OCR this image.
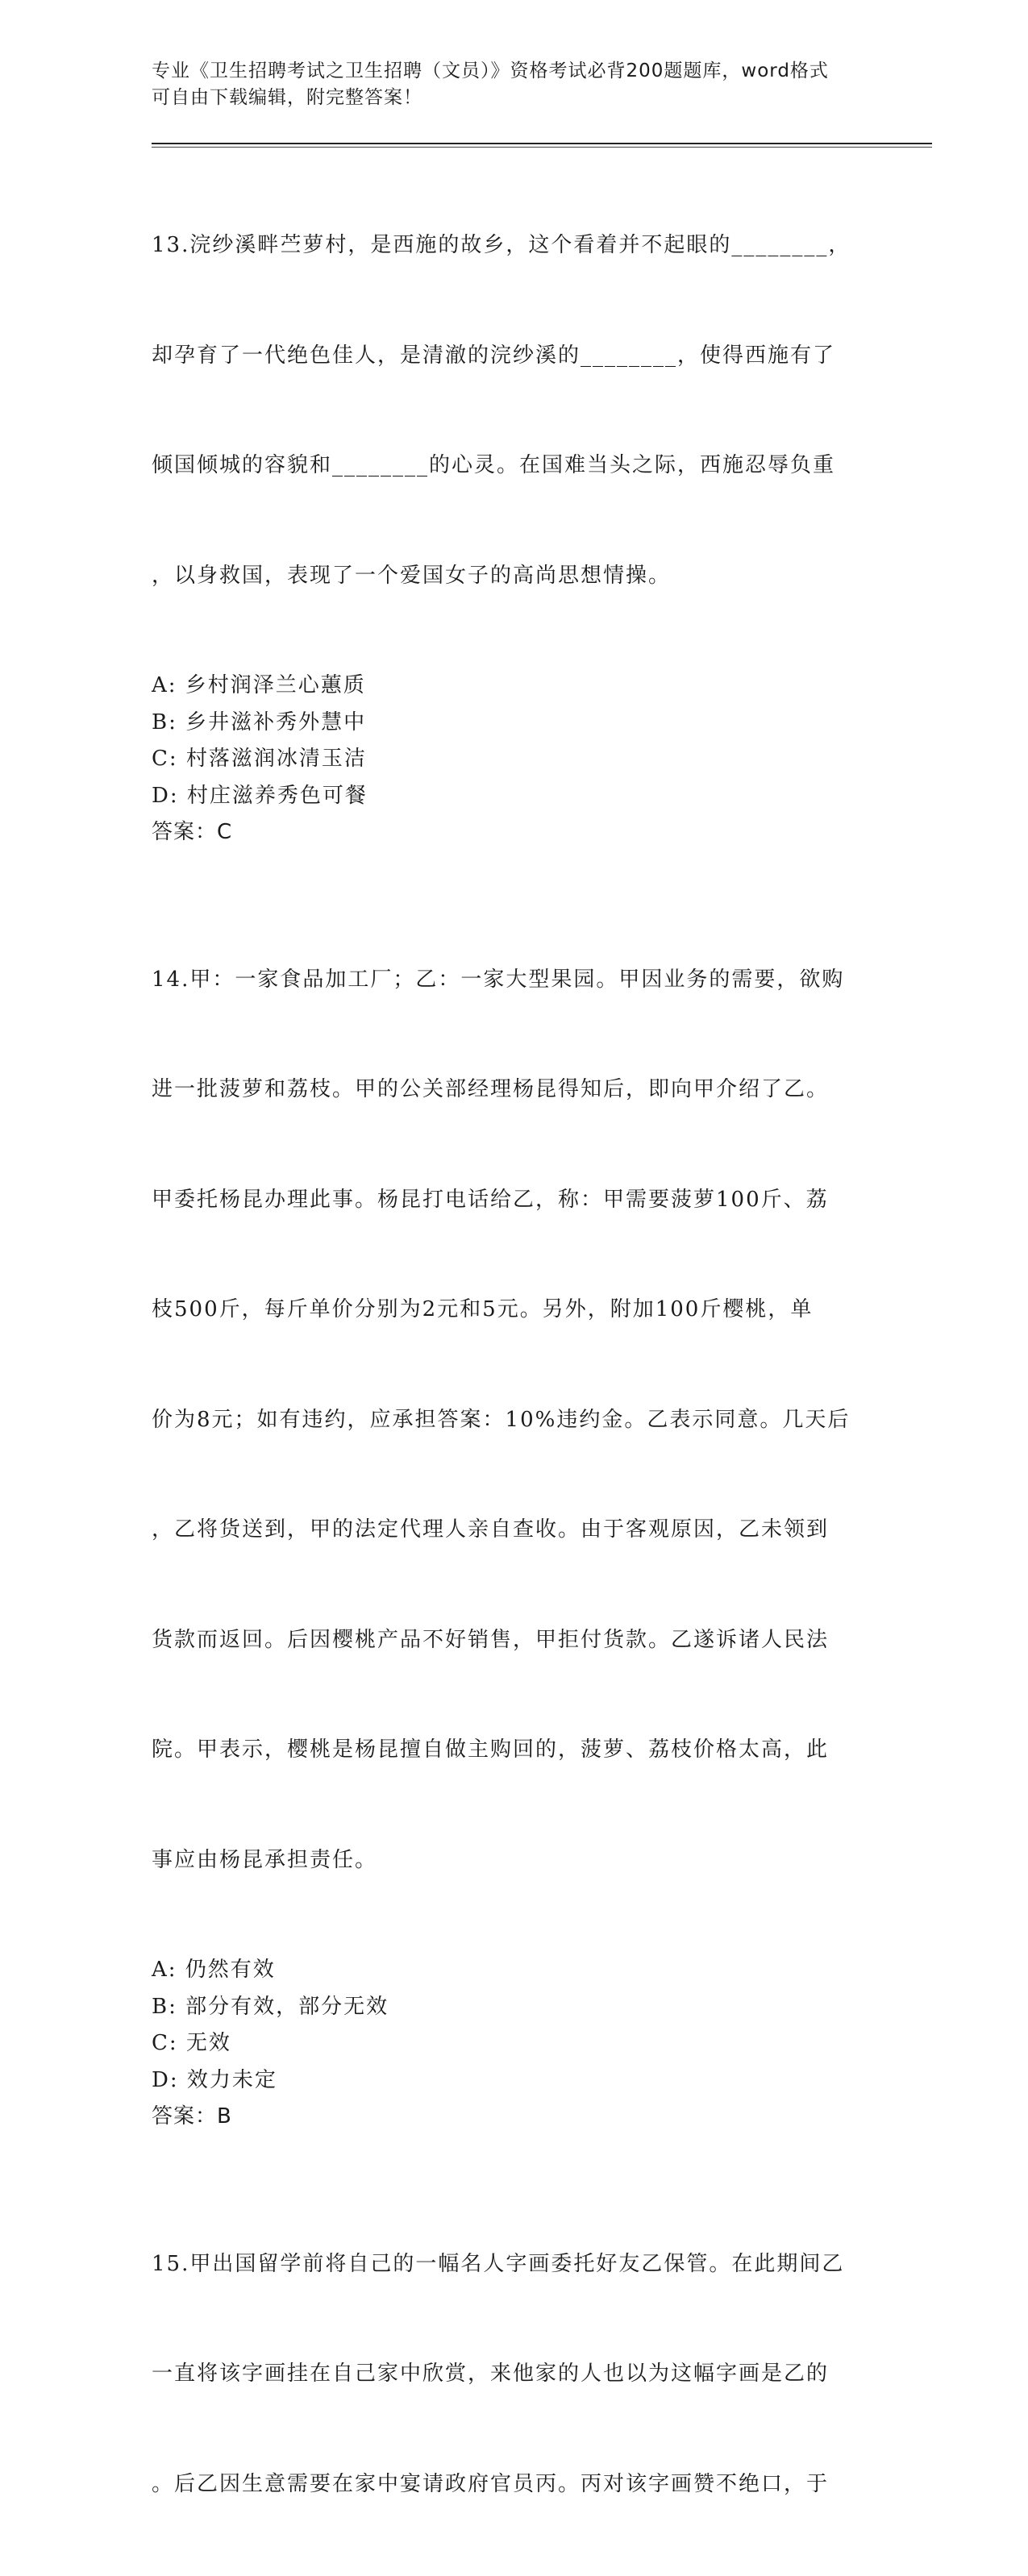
专业《卫生招聘考试之卫生招聘（文员）》资格考试必背200题题库，word格式
可自由下载编辑，附完整答案！

13.浣纱溪畔苎萝村，是西施的故乡，这个看着并不起眼的________，

却孕育了一代绝色佳人，是清澈的浣纱溪的________，使得西施有了

倾国倾城的容貌和________的心灵。在国难当头之际，西施忍辱负重

，以身救国，表现了一个爱国女子的高尚思想情操。

A: 乡村润泽兰心蕙质
B: 乡井滋补秀外慧中
C: 村落滋润冰清玉洁
D: 村庄滋养秀色可餐
答案：C

14.甲：一家食品加工厂；乙：一家大型果园。甲因业务的需要，欲购

进一批菠萝和荔枝。甲的公关部经理杨昆得知后，即向甲介绍了乙。

甲委托杨昆办理此事。杨昆打电话给乙，称：甲需要菠萝100斤、荔

枝500斤，每斤单价分别为2元和5元。另外，附加100斤樱桃，单

价为8元；如有违约，应承担答案：10%违约金。乙表示同意。几天后

，乙将货送到，甲的法定代理人亲自查收。由于客观原因，乙未领到

货款而返回。后因樱桃产品不好销售，甲拒付货款。乙遂诉诸人民法

院。甲表示，樱桃是杨昆擅自做主购回的，菠萝、荔枝价格太高，此

事应由杨昆承担责任。

A: 仍然有效
B: 部分有效，部分无效
C: 无效
D: 效力未定
答案：B

15.甲出国留学前将自己的一幅名人字画委托好友乙保管。在此期间乙

一直将该字画挂在自己家中欣赏，来他家的人也以为这幅字画是乙的

。后乙因生意需要在家中宴请政府官员丙。丙对该字画赞不绝口，于
